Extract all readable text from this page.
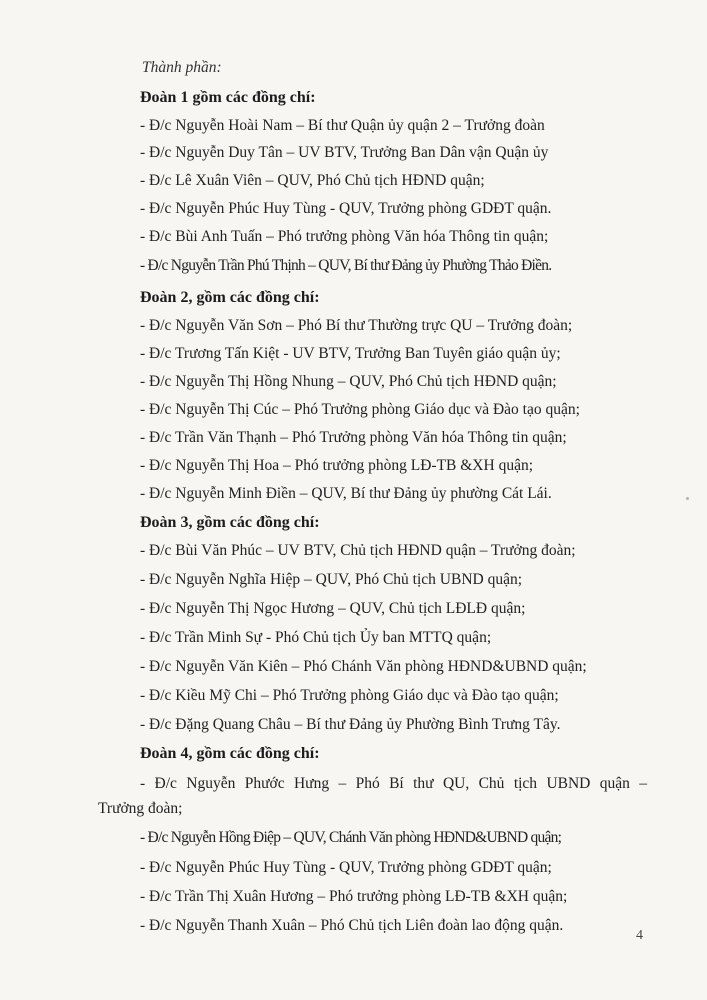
Thành phần:
Đoàn 1 gồm các đồng chí:
- Đ/c Nguyễn Hoài Nam – Bí thư Quận ủy quận 2 – Trưởng đoàn
- Đ/c Nguyễn Duy Tân – UV BTV, Trưởng Ban Dân vận Quận ủy
- Đ/c Lê Xuân Viên – QUV, Phó Chủ tịch HĐND quận;
- Đ/c Nguyễn Phúc Huy Tùng - QUV, Trưởng phòng GDĐT quận.
- Đ/c Bùi Anh Tuấn – Phó trưởng phòng Văn hóa Thông tin quận;
- Đ/c Nguyễn Trần Phú Thịnh – QUV, Bí thư Đảng ủy Phường Thảo Điền.
Đoàn 2, gồm các đồng chí:
- Đ/c Nguyễn Văn Sơn – Phó Bí thư Thường trực QU – Trưởng đoàn;
- Đ/c Trương Tấn Kiệt - UV BTV, Trưởng Ban Tuyên giáo quận ủy;
- Đ/c Nguyễn Thị Hồng Nhung – QUV, Phó Chủ tịch HĐND quận;
- Đ/c Nguyễn Thị Cúc – Phó Trưởng phòng Giáo dục và Đào tạo quận;
- Đ/c Trần Văn Thạnh – Phó Trưởng phòng Văn hóa Thông tin quận;
- Đ/c Nguyễn Thị Hoa – Phó trưởng phòng LĐ-TB &XH quận;
- Đ/c Nguyễn Minh Điền – QUV, Bí thư Đảng ủy phường Cát Lái.
Đoàn 3, gồm các đồng chí:
- Đ/c Bùi Văn Phúc – UV BTV, Chủ tịch HĐND quận – Trưởng đoàn;
- Đ/c Nguyễn Nghĩa Hiệp – QUV, Phó Chủ tịch UBND quận;
- Đ/c Nguyễn Thị Ngọc Hương – QUV, Chủ tịch LĐLĐ quận;
- Đ/c Trần Minh Sự - Phó Chủ tịch Ủy ban MTTQ quận;
- Đ/c Nguyễn Văn Kiên – Phó Chánh Văn phòng HĐND&UBND quận;
- Đ/c Kiều Mỹ Chi – Phó Trưởng phòng Giáo dục và Đào tạo quận;
- Đ/c Đặng Quang Châu – Bí thư Đảng ủy Phường Bình Trưng Tây.
Đoàn 4, gồm các đồng chí:
- Đ/c Nguyễn Phước Hưng – Phó Bí thư QU, Chủ tịch UBND quận –
Trưởng đoàn;
- Đ/c Nguyễn Hồng Điệp – QUV, Chánh Văn phòng HĐND&UBND quận;
- Đ/c Nguyễn Phúc Huy Tùng - QUV, Trưởng phòng GDĐT quận;
- Đ/c Trần Thị Xuân Hương – Phó trưởng phòng LĐ-TB &XH quận;
- Đ/c Nguyễn Thanh Xuân – Phó Chủ tịch Liên đoàn lao động quận.
4
